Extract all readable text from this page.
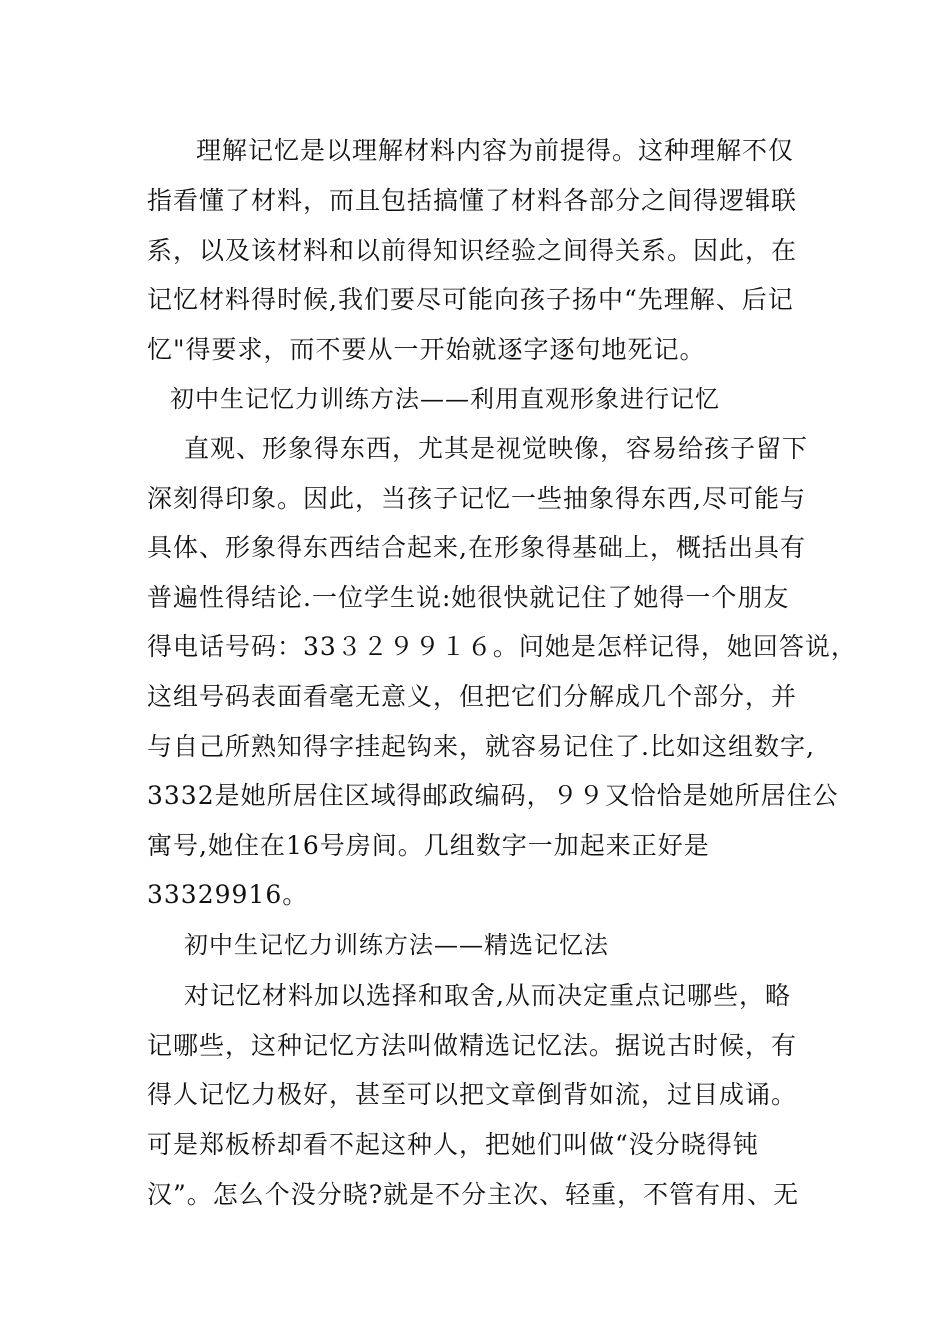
理解记忆是以理解材料内容为前提得。这种理解不仅
指看懂了材料，而且包括搞懂了材料各部分之间得逻辑联
系，以及该材料和以前得知识经验之间得关系。因此，在
记忆材料得时候,我们要尽可能向孩子扬中“先理解、后记
忆"得要求，而不要从一开始就逐字逐句地死记。
初中生记忆力训练方法——利用直观形象进行记忆
直观、形象得东西，尤其是视觉映像，容易给孩子留下
深刻得印象。因此，当孩子记忆一些抽象得东西,尽可能与
具体、形象得东西结合起来,在形象得基础上，概括出具有
普遍性得结论.一位学生说:她很快就记住了她得一个朋友
得电话号码：33３２９９１６。问她是怎样记得，她回答说，
这组号码表面看毫无意义，但把它们分解成几个部分，并
与自己所熟知得字挂起钩来，就容易记住了.比如这组数字,
3332是她所居住区域得邮政编码，９９又恰恰是她所居住公
寓号,她住在16号房间。几组数字一加起来正好是
33329916。
初中生记忆力训练方法——精选记忆法
对记忆材料加以选择和取舍,从而决定重点记哪些，略
记哪些，这种记忆方法叫做精选记忆法。据说古时候，有
得人记忆力极好，甚至可以把文章倒背如流，过目成诵。
可是郑板桥却看不起这种人，把她们叫做“没分晓得钝
汉”。怎么个没分晓?就是不分主次、轻重，不管有用、无
